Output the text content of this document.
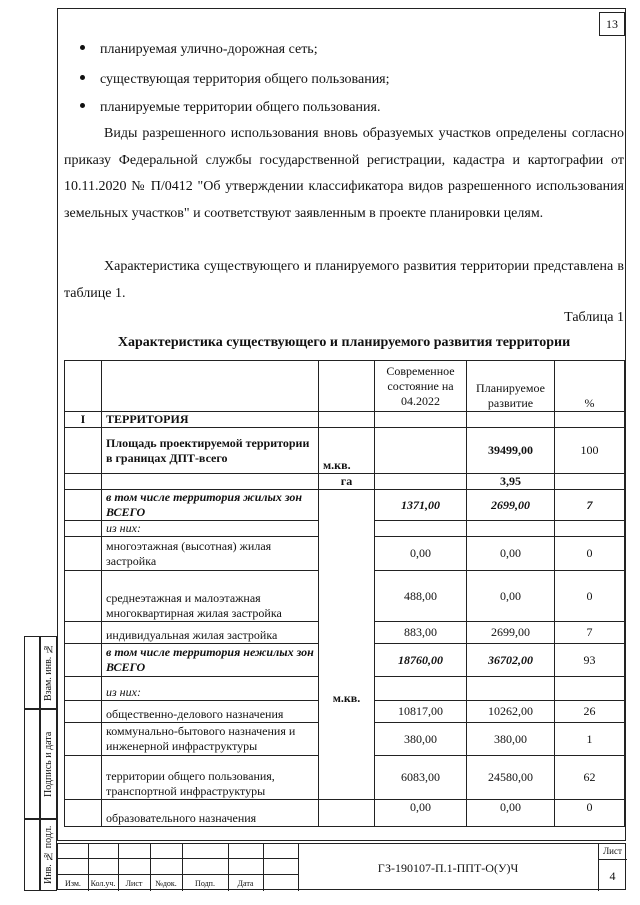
13
планируемая улично-дорожная сеть;
существующая территория общего пользования;
планируемые территории общего пользования.
Виды разрешенного использования вновь образуемых участков определены согласно приказу Федеральной службы государственной регистрации, кадастра и картографии от 10.11.2020 № П/0412 "Об утверждении классификатора видов разрешенного использования земельных участков" и соответствуют заявленным в проекте планировки целям.
Характеристика существующего и планируемого развития территории представлена в таблице 1.
Таблица 1
Характеристика существующего и планируемого развития территории
			Современное состояние на 04.2022	Планируемое развитие	%
I	ТЕРРИТОРИЯ				
	Площадь проектируемой территории в границах ДПТ-всего	м.кв.		39499,00	100
		га		3,95	
	в том числе территория жилых зон ВСЕГО	м.кв.	1371,00	2699,00	7
	из них:				
	многоэтажная (высотная) жилая застройка		0,00	0,00	0
	среднеэтажная и малоэтажная многоквартирная жилая застройка		488,00	0,00	0
	индивидуальная жилая застройка		883,00	2699,00	7
	в том числе территория нежилых зон ВСЕГО		18760,00	36702,00	93
	из них:				
	общественно-делового назначения		10817,00	10262,00	26
	коммунально-бытового назначения и инженерной инфраструктуры		380,00	380,00	1
	территории общего пользования, транспортной инфраструктуры		6083,00	24580,00	62
	образовательного назначения		0,00	0,00	0
Взам. инв. №
Подпись и дата
Инв. № подл.	Изм.	Кол.уч.	Лист	№док.	Подп.	Дата
ГЗ-190107-П.1-ППТ-О(У)Ч
Лист
4
